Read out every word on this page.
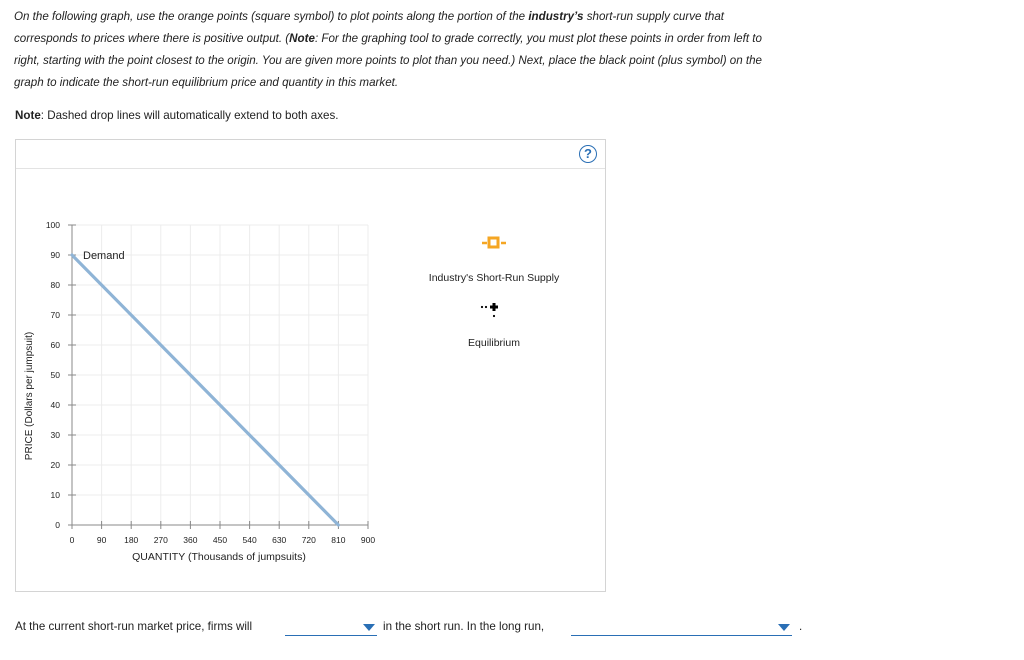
On the following graph, use the orange points (square symbol) to plot points along the portion of the industry’s short-run supply curve that
corresponds to prices where there is positive output. (Note: For the graphing tool to grade correctly, you must plot these points in order from left to
right, starting with the point closest to the origin. You are given more points to plot than you need.) Next, place the black point (plus symbol) on the
graph to indicate the short-run equilibrium price and quantity in this market.
Note: Dashed drop lines will automatically extend to both axes.
?
100
90
80
70
60
50
40
30
20
10
0
0	90 180 270 360 450 540 630 720 810 900
PRICE (Dollars per jumpsuit)
QUANTITY (Thousands of jumpsuits)
Demand
Industry's Short-Run Supply
Equilibrium
At the current short-run market price, firms will	in the short run. In the long run,	.
